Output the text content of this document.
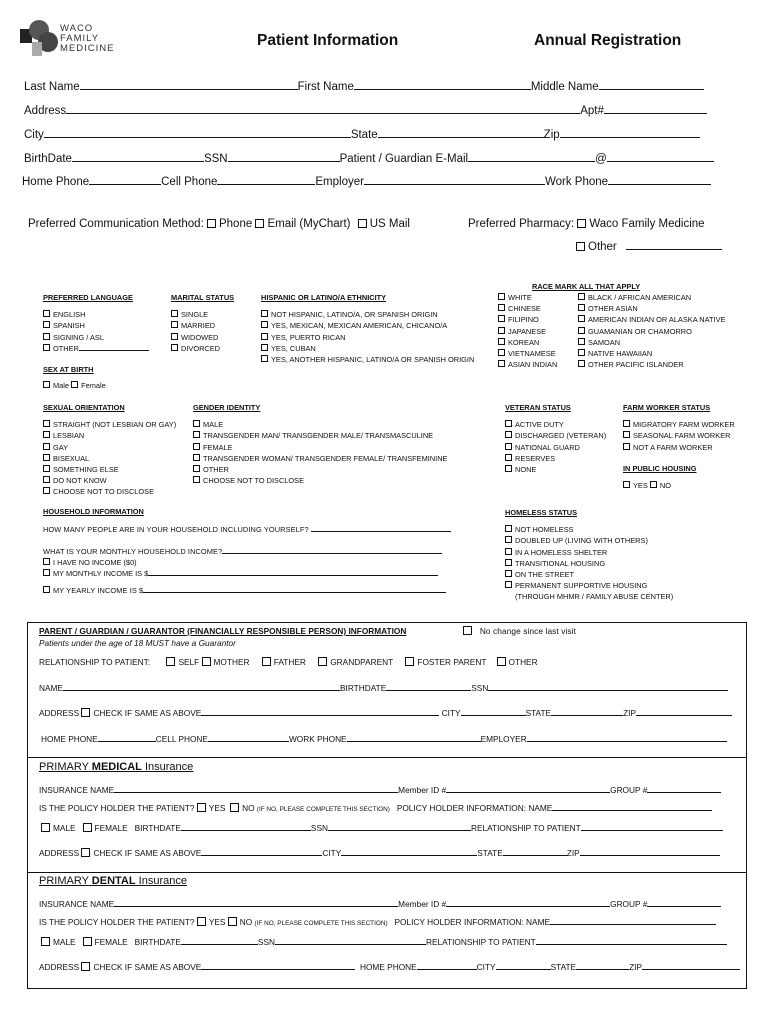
WACO
FAMILY
MEDICINE	Patient Information	Annual Registration
Last Name	First Name	Middle Name
Address	Apt#
City	State	Zip
BirthDate	SSN	Patient / Guardian E-Mail	@
Home Phone	Cell Phone	Employer	Work Phone
Preferred Communication Method: Phone Email (MyChart) US Mail	Preferred Pharmacy: Waco Family Medicine
Other
PREFERRED LANGUAGE
ENGLISH
SPANISH
SIGNING / ASL
OTHER
MARITAL STATUS
SINGLE
MARRIED
WIDOWED
DIVORCED
HISPANIC OR LATINO/A ETHNICITY
NOT HISPANIC, LATINO/A, OR SPANISH ORIGIN
YES, MEXICAN, MEXICAN AMERICAN, CHICANO/A
YES, PUERTO RICAN
YES, CUBAN
YES, ANOTHER HISPANIC, LATINO/A OR SPANISH ORIGIN
RACE MARK ALL THAT APPLY
WHITE
CHINESE
FILIPINO
JAPANESE
KOREAN
VIETNAMESE
ASIAN INDIAN
BLACK / AFRICAN AMERICAN
OTHER ASIAN
AMERICAN INDIAN OR ALASKA NATIVE
GUAMANIAN OR CHAMORRO
SAMOAN
NATIVE HAWAIIAN
OTHER PACIFIC ISLANDER
SEX AT BIRTH
Male Female
SEXUAL ORIENTATION
STRAIGHT (NOT LESBIAN OR GAY)
LESBIAN
GAY
BISEXUAL
SOMETHING ELSE
DO NOT KNOW
CHOOSE NOT TO DISCLOSE
GENDER IDENTITY
MALE
TRANSGENDER MAN/ TRANSGENDER MALE/ TRANSMASCULINE
FEMALE
TRANSGENDER WOMAN/ TRANSGENDER FEMALE/ TRANSFEMININE
OTHER
CHOOSE NOT TO DISCLOSE
VETERAN STATUS
ACTIVE DUTY
DISCHARGED (VETERAN)
NATIONAL GUARD
RESERVES
NONE
FARM WORKER STATUS
MIGRATORY FARM WORKER
SEASONAL FARM WORKER
NOT A FARM WORKER
IN PUBLIC HOUSING
YES NO
HOUSEHOLD INFORMATION
HOW MANY PEOPLE ARE IN YOUR HOUSEHOLD INCLUDING YOURSELF?
WHAT IS YOUR MONTHLY HOUSEHOLD INCOME?
I HAVE NO INCOME ($0)
MY MONTHLY INCOME IS $
MY YEARLY INCOME IS $
HOMELESS STATUS
NOT HOMELESS
DOUBLED UP (LIVING WITH OTHERS)
IN A HOMELESS SHELTER
TRANSITIONAL HOUSING
ON THE STREET
PERMANENT SUPPORTIVE HOUSING
(THROUGH MHMR / FAMILY ABUSE CENTER)
PARENT / GUARDIAN / GUARANTOR (FINANCIALLY RESPONSIBLE PERSON) INFORMATION	No change since last visit
Patients under the age of 18 MUST have a Guarantor
RELATIONSHIP TO PATIENT:	SELF MOTHER	FATHER	GRANDPARENT	FOSTER PARENT	OTHER
NAME	BIRTHDATE	SSN
ADDRESS CHECK IF SAME AS ABOVE	CITY	STATE	ZIP
HOME PHONE	CELL PHONE	WORK PHONE	EMPLOYER
PRIMARY MEDICAL Insurance
INSURANCE NAME	Member ID #	GROUP #
IS THE POLICY HOLDER THE PATIENT? YES NO (IF NO, PLEASE COMPLETE THIS SECTION) POLICY HOLDER INFORMATION: NAME
MALE FEMALE BIRTHDATE	SSN	RELATIONSHIP TO PATIENT
ADDRESS CHECK IF SAME AS ABOVE	CITY	STATE	ZIP
PRIMARY DENTAL Insurance
INSURANCE NAME	Member ID #	GROUP #
IS THE POLICY HOLDER THE PATIENT? YES NO (IF NO, PLEASE COMPLETE THIS SECTION) POLICY HOLDER INFORMATION: NAME
MALE FEMALE BIRTHDATE	SSN	RELATIONSHIP TO PATIENT
ADDRESS CHECK IF SAME AS ABOVE	HOME PHONE	CITY	STATE	ZIP
